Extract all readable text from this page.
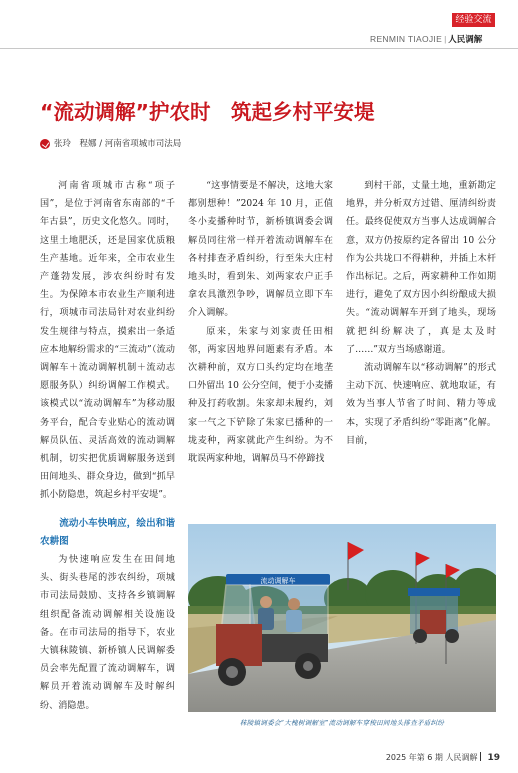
经验交流
RENMIN TIAOJIE | 人民调解
“流动调解”护农时　筑起乡村平安堤
张玲　程娜 / 河南省项城市司法局

河南省项城市古称“项子国”，是位于河南省东南部的“千年古县”，历史文化悠久。同时，这里土地肥沃，还是国家优质粮生产基地。近年来，全市农业生产蓬勃发展，涉农纠纷时有发生。为保障本市农业生产顺利进行，项城市司法局针对农业纠纷发生规律与特点，摸索出一条适应本地解纷需求的“三流动”（流动调解车＋流动调解机制＋流动志愿服务队）纠纷调解工作模式。该模式以“流动调解车”为移动服务平台，配合专业贴心的流动调解员队伍、灵活高效的流动调解机制，切实把优质调解服务送到田间地头、群众身边，做到“抓早抓小防隐患，筑起乡村平安堤”。

流动小车快响应，绘出和谐农耕图

为快速响应发生在田间地头、街头巷尾的涉农纠纷，项城市司法局鼓励、支持各乡镇调解组织配备流动调解相关设施设备。在市司法局的指导下，农业大镇秣陵镇、新桥镇人民调解委员会率先配置了流动调解车，调解员开着流动调解车及时解纠纷、消隐患。

“这事情要是不解决，这地大家都别想种！”2024 年 10 月，正值冬小麦播种时节，新桥镇调委会调解员同往常一样开着流动调解车在各村排查矛盾纠纷，行至朱大庄村地头时，看到朱、刘两家农户正手拿农具激烈争吵，调解员立即下车介入调解。

原来，朱家与刘家责任田相邻，两家因地界问题素有矛盾。本次耕种前，双方口头约定均在地垄口外留出 10 公分空间，便于小麦播种及打药收割。朱家却未履约，刘家一气之下铲除了朱家已播种的一垅麦种，两家就此产生纠纷。为不耽误两家种地，调解员马不停蹄找

到村干部，丈量土地，重新勘定地界，并分析双方过错、厘清纠纷责任。最终促使双方当事人达成调解合意，双方仍按原约定各留出 10 公分作为公共垅口不得耕种，并插上木杆作出标记。之后，两家耕种工作如期进行，避免了双方因小纠纷酿成大损失。“流动调解车开到了地头，现场就把纠纷解决了，真是太及时了……”双方当场感谢道。

流动调解车以“移动调解”的形式主动下沉、快速响应、就地取证，有效为当事人节省了时间、精力等成本，实现了矛盾纠纷“零距离”化解。目前，

流动调解车
秣陵镇调委会“大槐树调解室”流动调解车穿梭田间地头排查矛盾纠纷
2025 年第 6 期 人民调解 19
